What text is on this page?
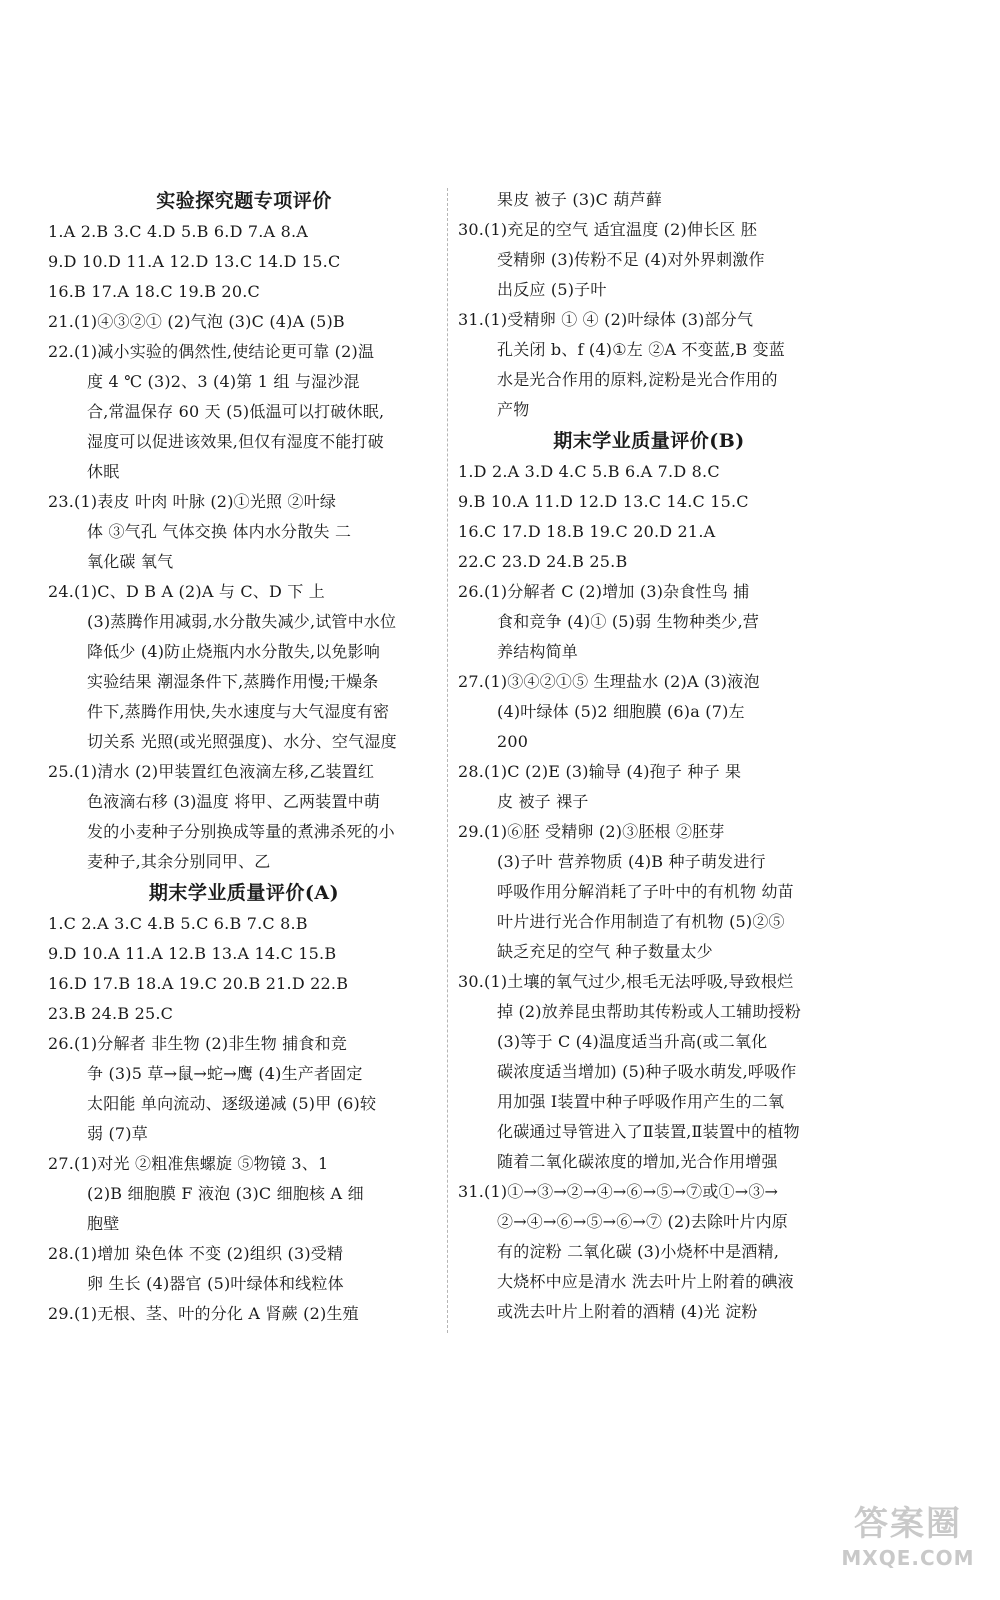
实验探究题专项评价
1.A 2.B 3.C 4.D 5.B 6.D 7.A 8.A
9.D 10.D 11.A 12.D 13.C 14.D 15.C
16.B 17.A 18.C 19.B 20.C
21.(1)④③②① (2)气泡 (3)C (4)A (5)B
22.(1)减小实验的偶然性,使结论更可靠 (2)温
度 4 ℃ (3)2、3 (4)第 1 组 与湿沙混
合,常温保存 60 天 (5)低温可以打破休眠,
湿度可以促进该效果,但仅有湿度不能打破
休眠
23.(1)表皮 叶肉 叶脉 (2)①光照 ②叶绿
体 ③气孔 气体交换 体内水分散失 二
氧化碳 氧气
24.(1)C、D B A (2)A 与 C、D 下 上
(3)蒸腾作用减弱,水分散失减少,试管中水位
降低少 (4)防止烧瓶内水分散失,以免影响
实验结果 潮湿条件下,蒸腾作用慢;干燥条
件下,蒸腾作用快,失水速度与大气湿度有密
切关系 光照(或光照强度)、水分、空气湿度
25.(1)清水 (2)甲装置红色液滴左移,乙装置红
色液滴右移 (3)温度 将甲、乙两装置中萌
发的小麦种子分别换成等量的煮沸杀死的小
麦种子,其余分别同甲、乙
期末学业质量评价(A)
1.C 2.A 3.C 4.B 5.C 6.B 7.C 8.B
9.D 10.A 11.A 12.B 13.A 14.C 15.B
16.D 17.B 18.A 19.C 20.B 21.D 22.B
23.B 24.B 25.C
26.(1)分解者 非生物 (2)非生物 捕食和竞
争 (3)5 草→鼠→蛇→鹰 (4)生产者固定
太阳能 单向流动、逐级递减 (5)甲 (6)较
弱 (7)草
27.(1)对光 ②粗准焦螺旋 ⑤物镜 3、1
(2)B 细胞膜 F 液泡 (3)C 细胞核 A 细
胞壁
28.(1)增加 染色体 不变 (2)组织 (3)受精
卵 生长 (4)器官 (5)叶绿体和线粒体
29.(1)无根、茎、叶的分化 A 肾蕨 (2)生殖
果皮 被子 (3)C 葫芦藓
30.(1)充足的空气 适宜温度 (2)伸长区 胚
受精卵 (3)传粉不足 (4)对外界刺激作
出反应 (5)子叶
31.(1)受精卵 ① ④ (2)叶绿体 (3)部分气
孔关闭 b、f (4)①左 ②A 不变蓝,B 变蓝
水是光合作用的原料,淀粉是光合作用的
产物
期末学业质量评价(B)
1.D 2.A 3.D 4.C 5.B 6.A 7.D 8.C
9.B 10.A 11.D 12.D 13.C 14.C 15.C
16.C 17.D 18.B 19.C 20.D 21.A
22.C 23.D 24.B 25.B
26.(1)分解者 C (2)增加 (3)杂食性鸟 捕
食和竞争 (4)① (5)弱 生物种类少,营
养结构简单
27.(1)③④②①⑤ 生理盐水 (2)A (3)液泡
(4)叶绿体 (5)2 细胞膜 (6)a (7)左
200
28.(1)C (2)E (3)输导 (4)孢子 种子 果
皮 被子 裸子
29.(1)⑥胚 受精卵 (2)③胚根 ②胚芽
(3)子叶 营养物质 (4)B 种子萌发进行
呼吸作用分解消耗了子叶中的有机物 幼苗
叶片进行光合作用制造了有机物 (5)②⑤
缺乏充足的空气 种子数量太少
30.(1)土壤的氧气过少,根毛无法呼吸,导致根烂
掉 (2)放养昆虫帮助其传粉或人工辅助授粉
(3)等于 C (4)温度适当升高(或二氧化
碳浓度适当增加) (5)种子吸水萌发,呼吸作
用加强 Ⅰ装置中种子呼吸作用产生的二氧
化碳通过导管进入了Ⅱ装置,Ⅱ装置中的植物
随着二氧化碳浓度的增加,光合作用增强
31.(1)①→③→②→④→⑥→⑤→⑦或①→③→
②→④→⑥→⑤→⑥→⑦ (2)去除叶片内原
有的淀粉 二氧化碳 (3)小烧杯中是酒精,
大烧杯中应是清水 洗去叶片上附着的碘液
或洗去叶片上附着的酒精 (4)光 淀粉
答案圈
MXQE.COM
